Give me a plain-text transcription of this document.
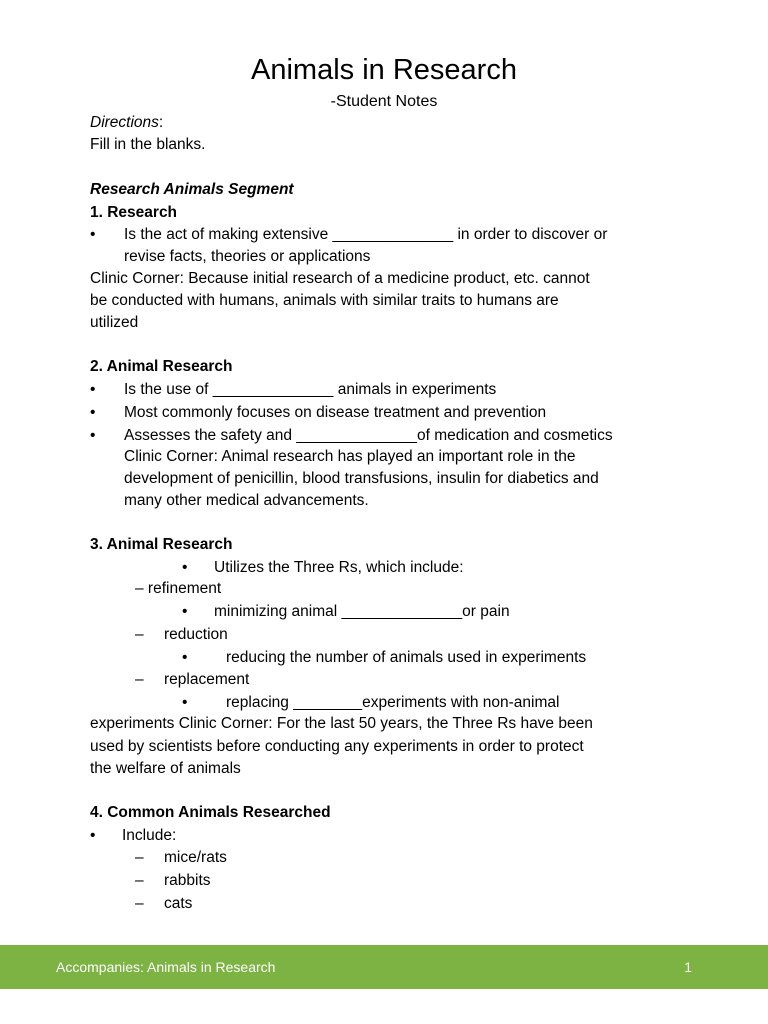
Animals in Research
-Student Notes
Directions:
Fill in the blanks.
Research Animals Segment
1. Research
• Is the act of making extensive ______________ in order to discover or
revise facts, theories or applications
Clinic Corner: Because initial research of a medicine product, etc. cannot
be conducted with humans, animals with similar traits to humans are
utilized
2. Animal Research
• Is the use of ______________ animals in experiments
• Most commonly focuses on disease treatment and prevention
• Assesses the safety and ______________of medication and cosmetics
Clinic Corner: Animal research has played an important role in the
development of penicillin, blood transfusions, insulin for diabetics and
many other medical advancements.
3. Animal Research
• Utilizes the Three Rs, which include:
– refinement
• minimizing animal ______________or pain
– reduction
• reducing the number of animals used in experiments
– replacement
• replacing ________experiments with non-animal
experiments Clinic Corner: For the last 50 years, the Three Rs have been
used by scientists before conducting any experiments in order to protect
the welfare of animals
4. Common Animals Researched
• Include:
– mice/rats
– rabbits
– cats
Accompanies: Animals in Research	1
